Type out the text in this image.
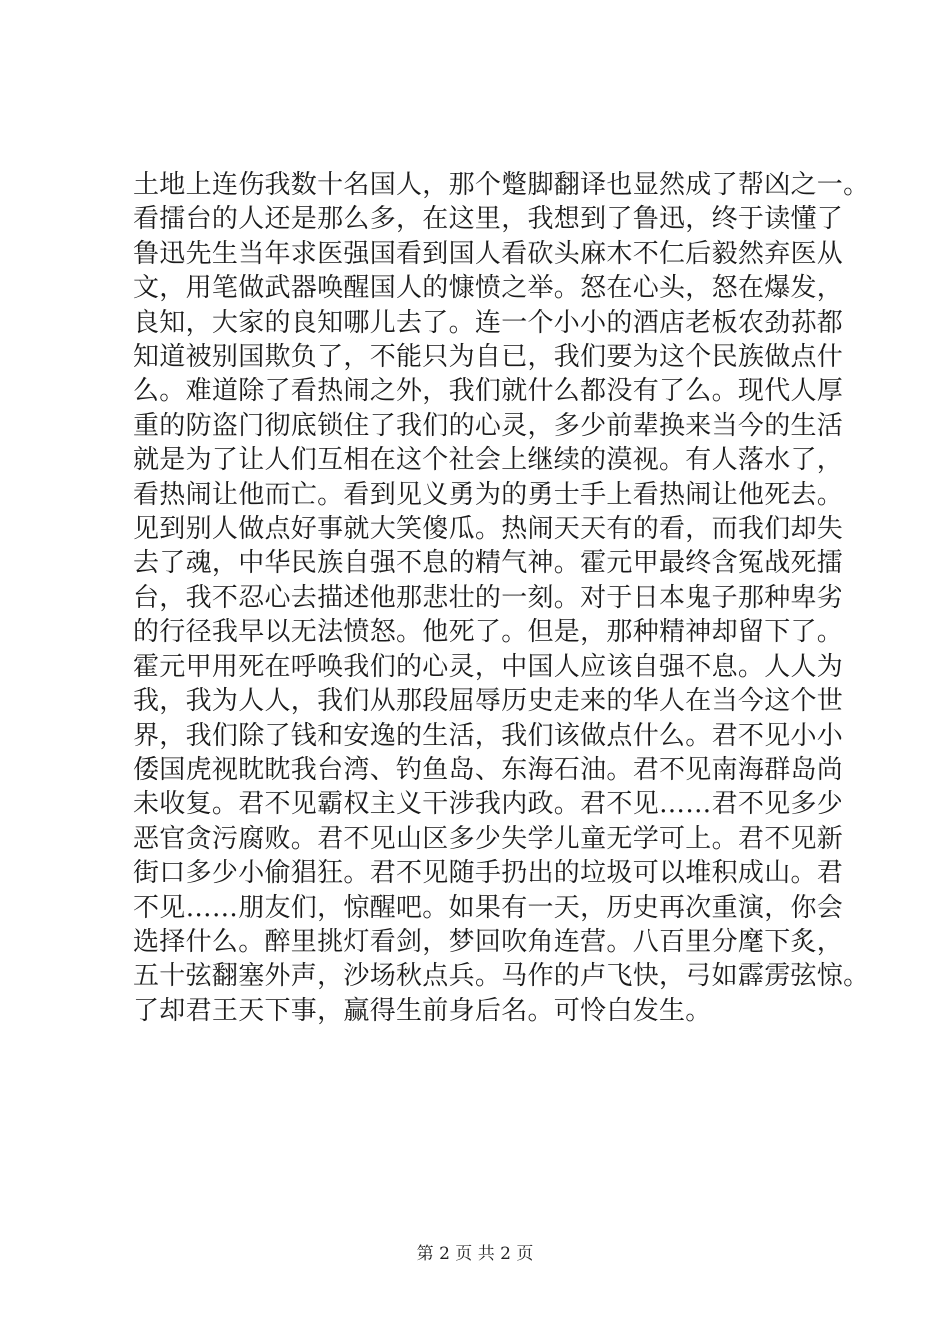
土地上连伤我数十名国人，那个蹩脚翻译也显然成了帮凶之一。
看擂台的人还是那么多，在这里，我想到了鲁迅，终于读懂了
鲁迅先生当年求医强国看到国人看砍头麻木不仁后毅然弃医从
文，用笔做武器唤醒国人的慷愤之举。怒在心头，怒在爆发，
良知，大家的良知哪儿去了。连一个小小的酒店老板农劲荪都
知道被别国欺负了，不能只为自已，我们要为这个民族做点什
么。难道除了看热闹之外，我们就什么都没有了么。现代人厚
重的防盗门彻底锁住了我们的心灵，多少前辈换来当今的生活
就是为了让人们互相在这个社会上继续的漠视。有人落水了，
看热闹让他而亡。看到见义勇为的勇士手上看热闹让他死去。
见到别人做点好事就大笑傻瓜。热闹天天有的看，而我们却失
去了魂，中华民族自强不息的精气神。霍元甲最终含冤战死擂
台，我不忍心去描述他那悲壮的一刻。对于日本鬼子那种卑劣
的行径我早以无法愤怒。他死了。但是，那种精神却留下了。
霍元甲用死在呼唤我们的心灵，中国人应该自强不息。人人为
我，我为人人，我们从那段屈辱历史走来的华人在当今这个世
界，我们除了钱和安逸的生活，我们该做点什么。君不见小小
倭国虎视眈眈我台湾、钓鱼岛、东海石油。君不见南海群岛尚
未收复。君不见霸权主义干涉我内政。君不见……君不见多少
恶官贪污腐败。君不见山区多少失学儿童无学可上。君不见新
街口多少小偷猖狂。君不见随手扔出的垃圾可以堆积成山。君
不见……朋友们，惊醒吧。如果有一天，历史再次重演，你会
选择什么。醉里挑灯看剑，梦回吹角连营。八百里分麾下炙，
五十弦翻塞外声，沙场秋点兵。马作的卢飞快，弓如霹雳弦惊。
了却君王天下事，赢得生前身后名。可怜白发生。
第 2 页 共 2 页
